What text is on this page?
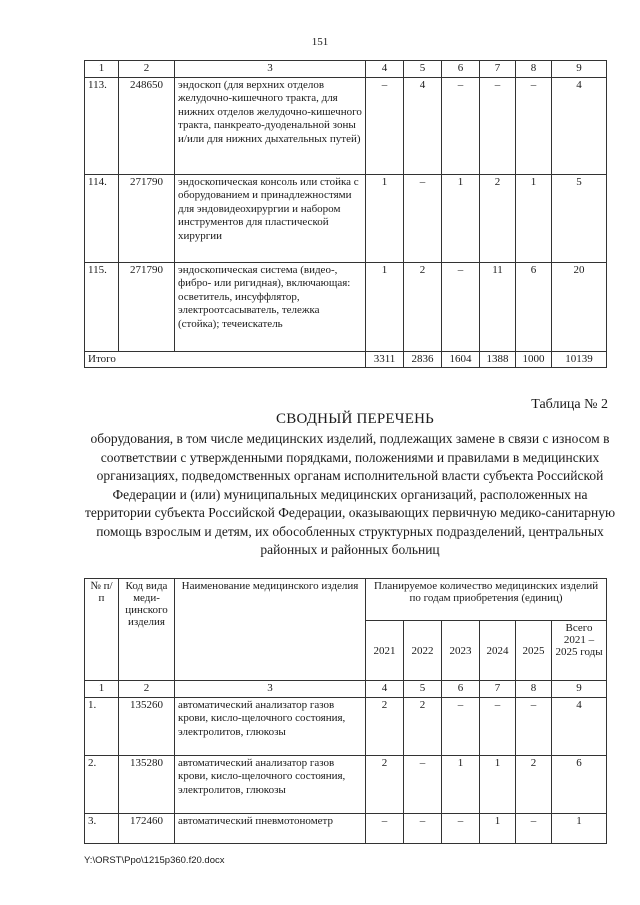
151
1	2	3	4	5	6	7	8	9
113.	248650	эндоскоп (для верхних отделов желудочно-кишечного тракта, для нижних отделов желудочно-кишечного тракта, панкреато-дуоденальной зоны и/или для нижних дыхательных путей)	–	4	–	–	–	4
114.	271790	эндоскопическая консоль или стойка с оборудованием и принадлежностями для эндовидеохирургии и набором инструментов для пластической хирургии	1	–	1	2	1	5
115.	271790	эндоскопическая система (видео-, фибро- или ригидная), включающая: осветитель, инсуффлятор, электроотсасыватель, тележка (стойка); течеискатель	1	2	–	11	6	20
Итого			3311	2836	1604	1388	1000	10139
Таблица № 2
СВОДНЫЙ ПЕРЕЧЕНЬ
оборудования, в том числе медицинских изделий, подлежащих замене в связи с износом в соответствии с утвержденными порядками, положениями и правилами в медицинских организациях, подведомственных органам исполнительной власти субъекта Российской Федерации и (или) муниципальных медицинских организаций, расположенных на территории субъекта Российской Федерации, оказывающих первичную медико-санитарную помощь взрослым и детям, их обособленных структурных подразделений, центральных районных и районных больниц
№ п/п	Код вида меди-цинского изделия	Наименование медицинского изделия	Планируемое количество медицинских изделий по годам приобретения (единиц)					
			2021	2022	2023	2024	2025	Всего 2021 – 2025 годы
1	2	3	4	5	6	7	8	9
1.	135260	автоматический анализатор газов крови, кисло-щелочного состояния, электролитов, глюкозы	2	2	–	–	–	4
2.	135280	автоматический анализатор газов крови, кисло-щелочного состояния, электролитов, глюкозы	2	–	1	1	2	6
3.	172460	автоматический пневмотонометр	–	–	–	1	–	1
Y:\ORST\Ppo\1215p360.f20.docx
